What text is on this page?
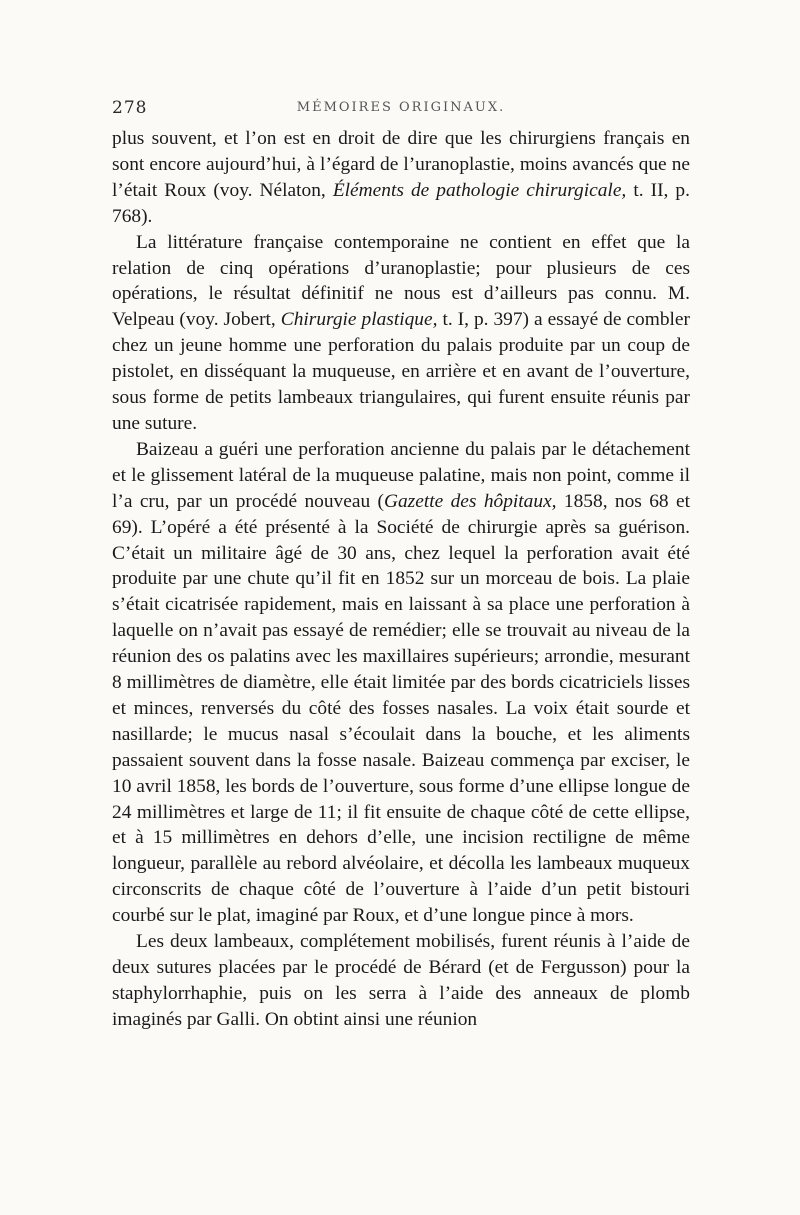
278	MÉMOIRES ORIGINAUX.

plus souvent, et l’on est en droit de dire que les chirurgiens français en sont encore aujourd’hui, à l’égard de l’uranoplastie, moins avancés que ne l’était Roux (voy. Nélaton, Éléments de pathologie chirurgicale, t. II, p. 768).

La littérature française contemporaine ne contient en effet que la relation de cinq opérations d’uranoplastie; pour plusieurs de ces opérations, le résultat définitif ne nous est d’ailleurs pas connu. M. Velpeau (voy. Jobert, Chirurgie plastique, t. I, p. 397) a essayé de combler chez un jeune homme une perforation du palais produite par un coup de pistolet, en disséquant la muqueuse, en arrière et en avant de l’ouverture, sous forme de petits lambeaux triangulaires, qui furent ensuite réunis par une suture.

Baizeau a guéri une perforation ancienne du palais par le détachement et le glissement latéral de la muqueuse palatine, mais non point, comme il l’a cru, par un procédé nouveau (Gazette des hôpitaux, 1858, nos 68 et 69). L’opéré a été présenté à la Société de chirurgie après sa guérison. C’était un militaire âgé de 30 ans, chez lequel la perforation avait été produite par une chute qu’il fit en 1852 sur un morceau de bois. La plaie s’était cicatrisée rapidement, mais en laissant à sa place une perforation à laquelle on n’avait pas essayé de remédier; elle se trouvait au niveau de la réunion des os palatins avec les maxillaires supérieurs; arrondie, mesurant 8 millimètres de diamètre, elle était limitée par des bords cicatriciels lisses et minces, renversés du côté des fosses nasales. La voix était sourde et nasillarde; le mucus nasal s’écoulait dans la bouche, et les aliments passaient souvent dans la fosse nasale. Baizeau commença par exciser, le 10 avril 1858, les bords de l’ouverture, sous forme d’une ellipse longue de 24 millimètres et large de 11; il fit ensuite de chaque côté de cette ellipse, et à 15 millimètres en dehors d’elle, une incision rectiligne de même longueur, parallèle au rebord alvéolaire, et décolla les lambeaux muqueux circonscrits de chaque côté de l’ouverture à l’aide d’un petit bistouri courbé sur le plat, imaginé par Roux, et d’une longue pince à mors.

Les deux lambeaux, complétement mobilisés, furent réunis à l’aide de deux sutures placées par le procédé de Bérard (et de Fergusson) pour la staphylorrhaphie, puis on les serra à l’aide des anneaux de plomb imaginés par Galli. On obtint ainsi une réunion
